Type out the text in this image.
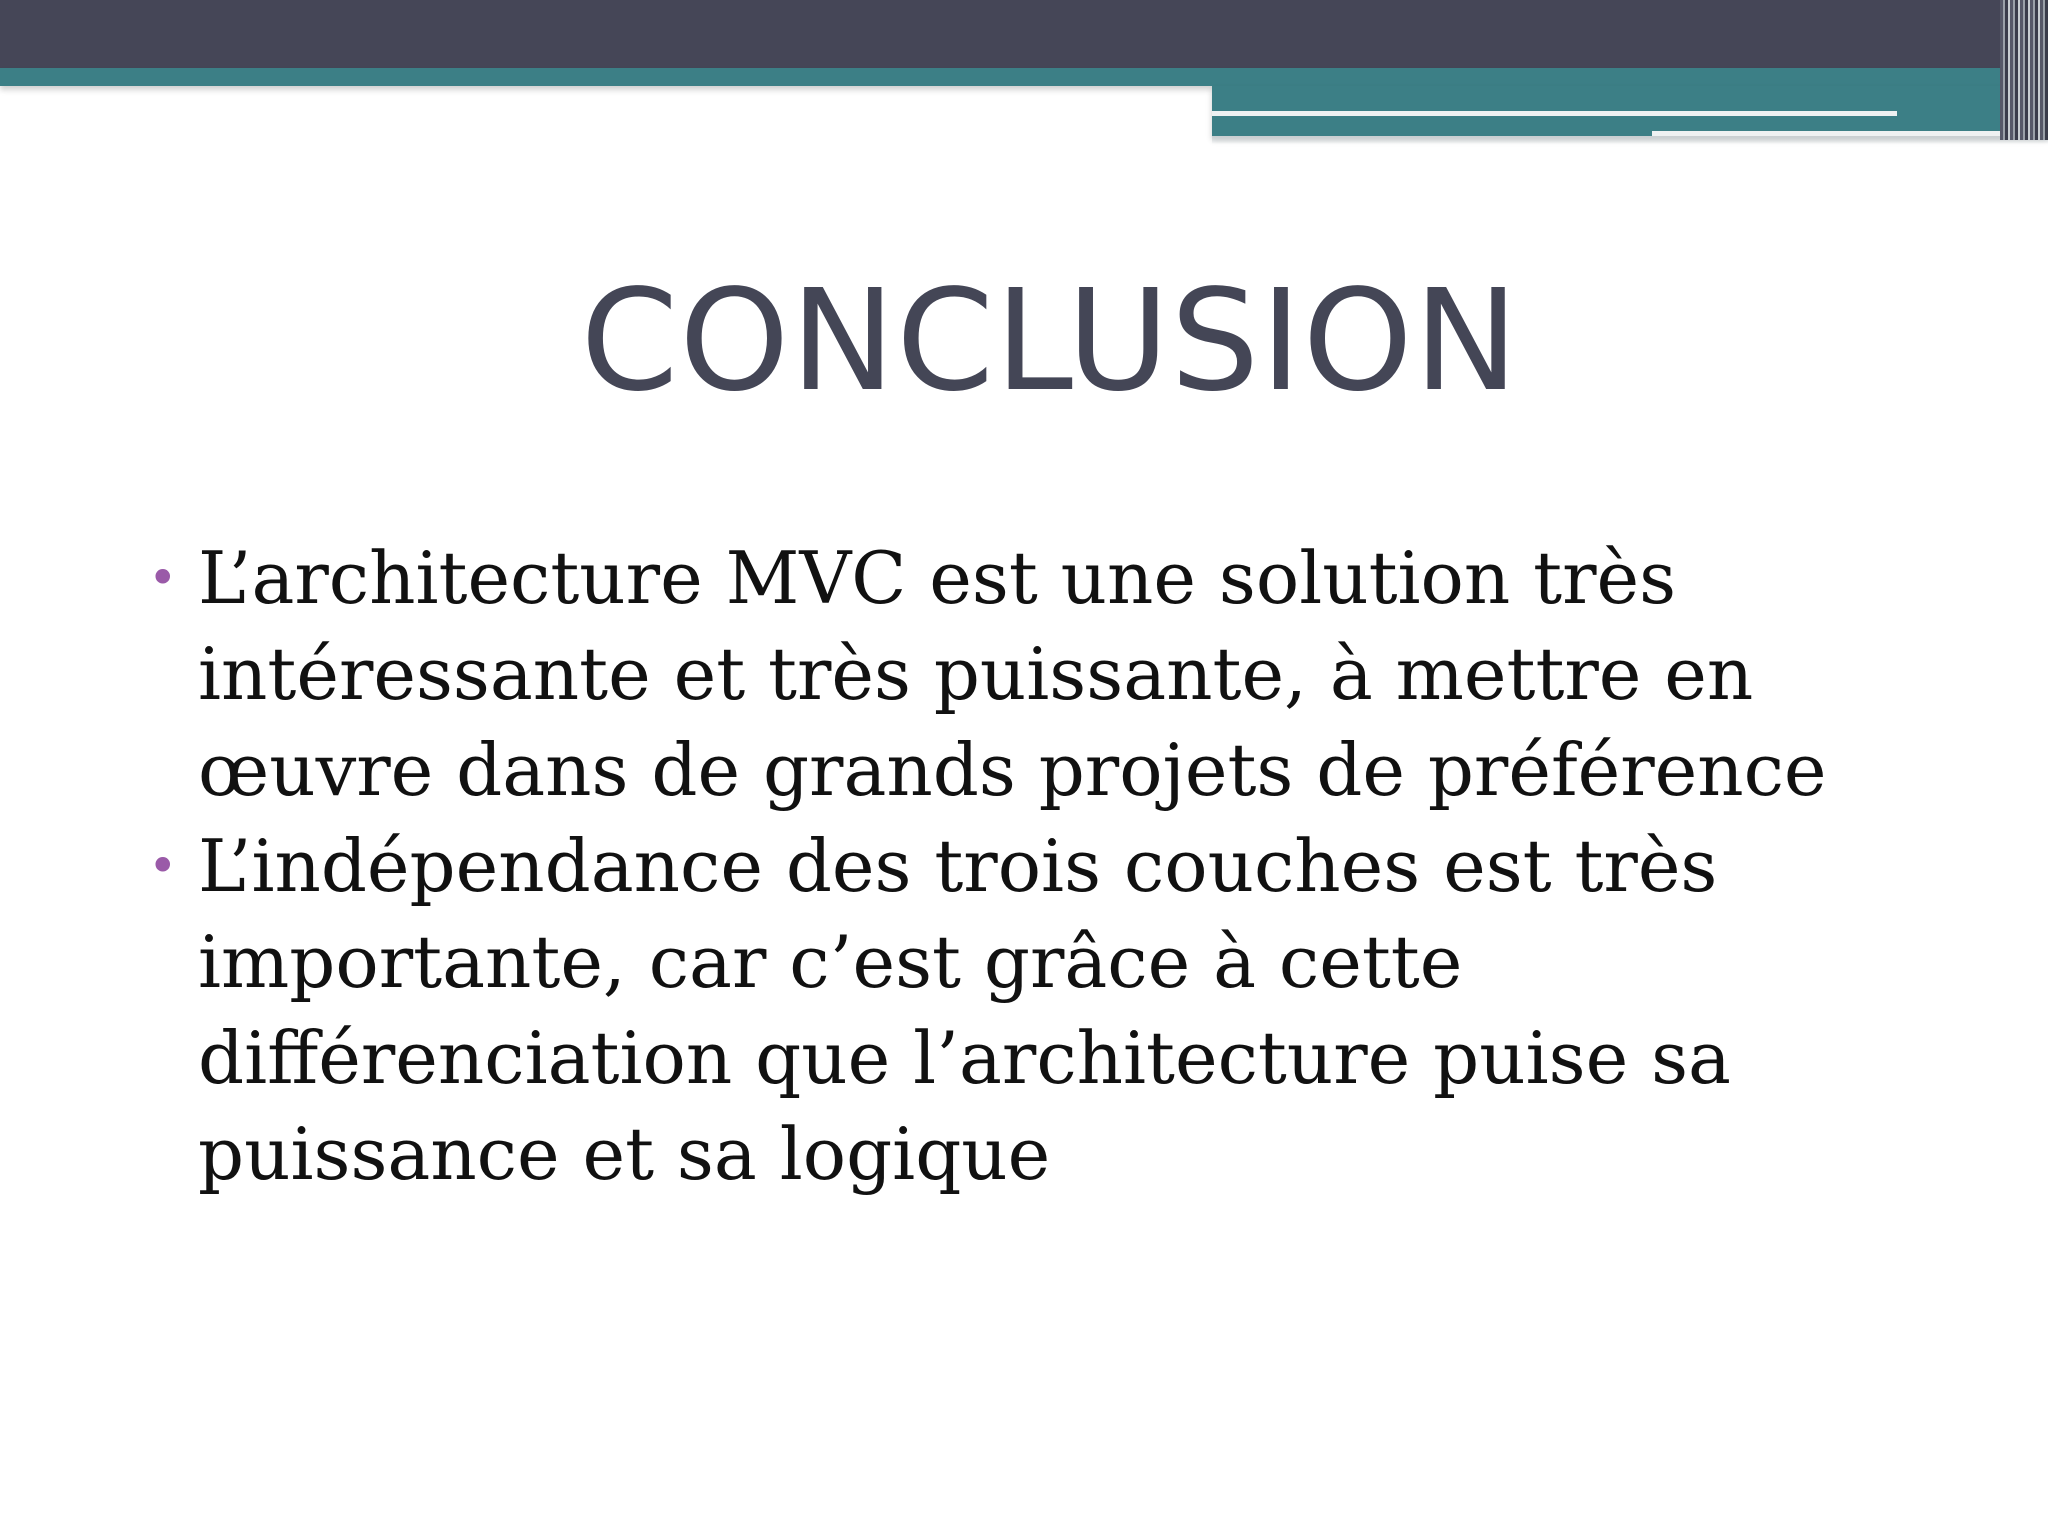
CONCLUSION
• L’architecture MVC est une solution très intéressante et très puissante, à mettre en œuvre dans de grands projets de préférence
• L’indépendance des trois couches est très importante, car c’est grâce à cette différenciation que l’architecture puise sa puissance et sa logique
